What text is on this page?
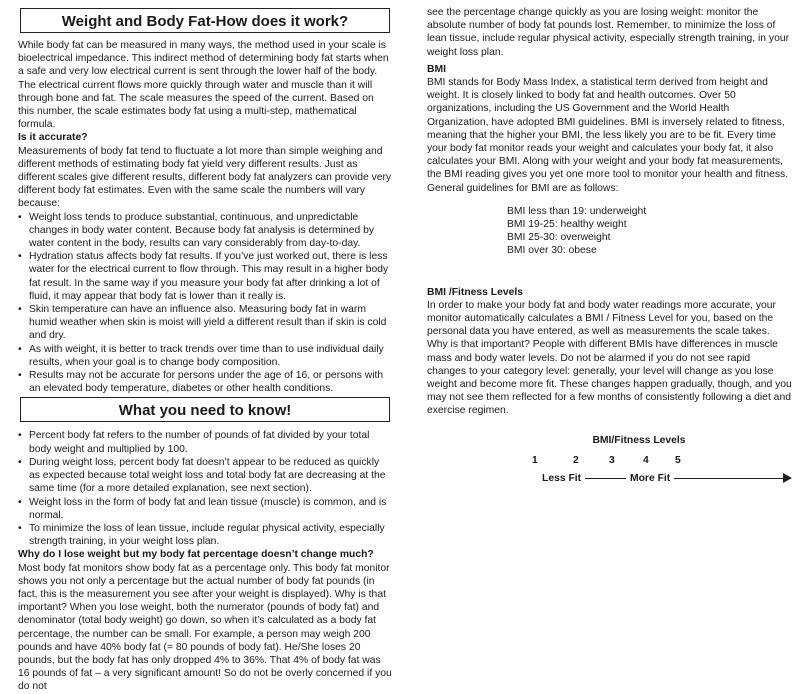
Weight and Body Fat-How does it work?

While body fat can be measured in many ways, the method used in your scale is bioelectrical impedance. This indirect method of determining body fat starts when a safe and very low electrical current is sent through the lower half of the body. The electrical current flows more quickly through water and muscle than it will through bone and fat. The scale measures the speed of the current. Based on this number, the scale estimates body fat using a multi-step, mathematical formula.

Is it accurate?

Measurements of body fat tend to fluctuate a lot more than simple weighing and different methods of estimating body fat yield very different results. Just as different scales give different results, different body fat analyzers can provide very different body fat estimates. Even with the same scale the numbers will vary because:

• Weight loss tends to produce substantial, continuous, and unpredictable changes in body water content. Because body fat analysis is determined by water content in the body, results can vary considerably from day-to-day.
• Hydration status affects body fat results. If you’ve just worked out, there is less water for the electrical current to flow through. This may result in a higher body fat result. In the same way if you measure your body fat after drinking a lot of fluid, it may appear that body fat is lower than it really is.
• Skin temperature can have an influence also. Measuring body fat in warm humid weather when skin is moist will yield a different result than if skin is cold and dry.
• As with weight, it is better to track trends over time than to use individual daily results, when your goal is to change body composition.
• Results may not be accurate for persons under the age of 16, or persons with an elevated body temperature, diabetes or other health conditions.
What you need to know!
• Percent body fat refers to the number of pounds of fat divided by your total body weight and multiplied by 100.
• During weight loss, percent body fat doesn’t appear to be reduced as quickly as expected because total weight loss and total body fat are decreasing at the same time (for a more detailed explanation, see next section).
• Weight loss in the form of body fat and lean tissue (muscle) is common, and is normal.
• To minimize the loss of lean tissue, include regular physical activity, especially strength training, in your weight loss plan.

Why do I lose weight but my body fat percentage doesn’t change much?

Most body fat monitors show body fat as a percentage only. This body fat monitor shows you not only a percentage but the actual number of body fat pounds (in fact, this is the measurement you see after your weight is displayed). Why is that important? When you lose weight, both the numerator (pounds of body fat) and denominator (total body weight) go down, so when it’s calculated as a body fat percentage, the number can be small. For example, a person may weigh 200 pounds and have 40% body fat (= 80 pounds of body fat). He/She loses 20 pounds, but the body fat has only dropped 4% to 36%. That 4% of body fat was 16 pounds of fat – a very significant amount! So do not be overly concerned if you do not

see the percentage change quickly as you are losing weight: monitor the absolute number of body fat pounds lost. Remember, to minimize the loss of lean tissue, include regular physical activity, especially strength training, in your weight loss plan.

BMI

BMI stands for Body Mass Index, a statistical term derived from height and weight. It is closely linked to body fat and health outcomes. Over 50 organizations, including the US Government and the World Health Organization, have adopted BMI guidelines. BMI is inversely related to fitness, meaning that the higher your BMI, the less likely you are to be fit. Every time your body fat monitor reads your weight and calculates your body fat, it also calculates your BMI. Along with your weight and your body fat measurements, the BMI reading gives you yet one more tool to monitor your health and fitness.

General guidelines for BMI are as follows:

BMI less than 19: underweight
BMI 19-25: healthy weight
BMI 25-30: overweight
BMI over 30: obese

BMI /Fitness Levels

In order to make your body fat and body water readings more accurate, your monitor automatically calculates a BMI / Fitness Level for you, based on the personal data you have entered, as well as measurements the scale takes. Why is that important? People with different BMIs have differences in muscle mass and body water levels. Do not be alarmed if you do not see rapid changes to your category level: generally, your level will change as you lose weight and become more fit. These changes happen gradually, though, and you may not see them reflected for a few months of consistently following a diet and exercise regimen.

BMI/Fitness Levels
1	2	3	4	5
Less Fit	More Fit
